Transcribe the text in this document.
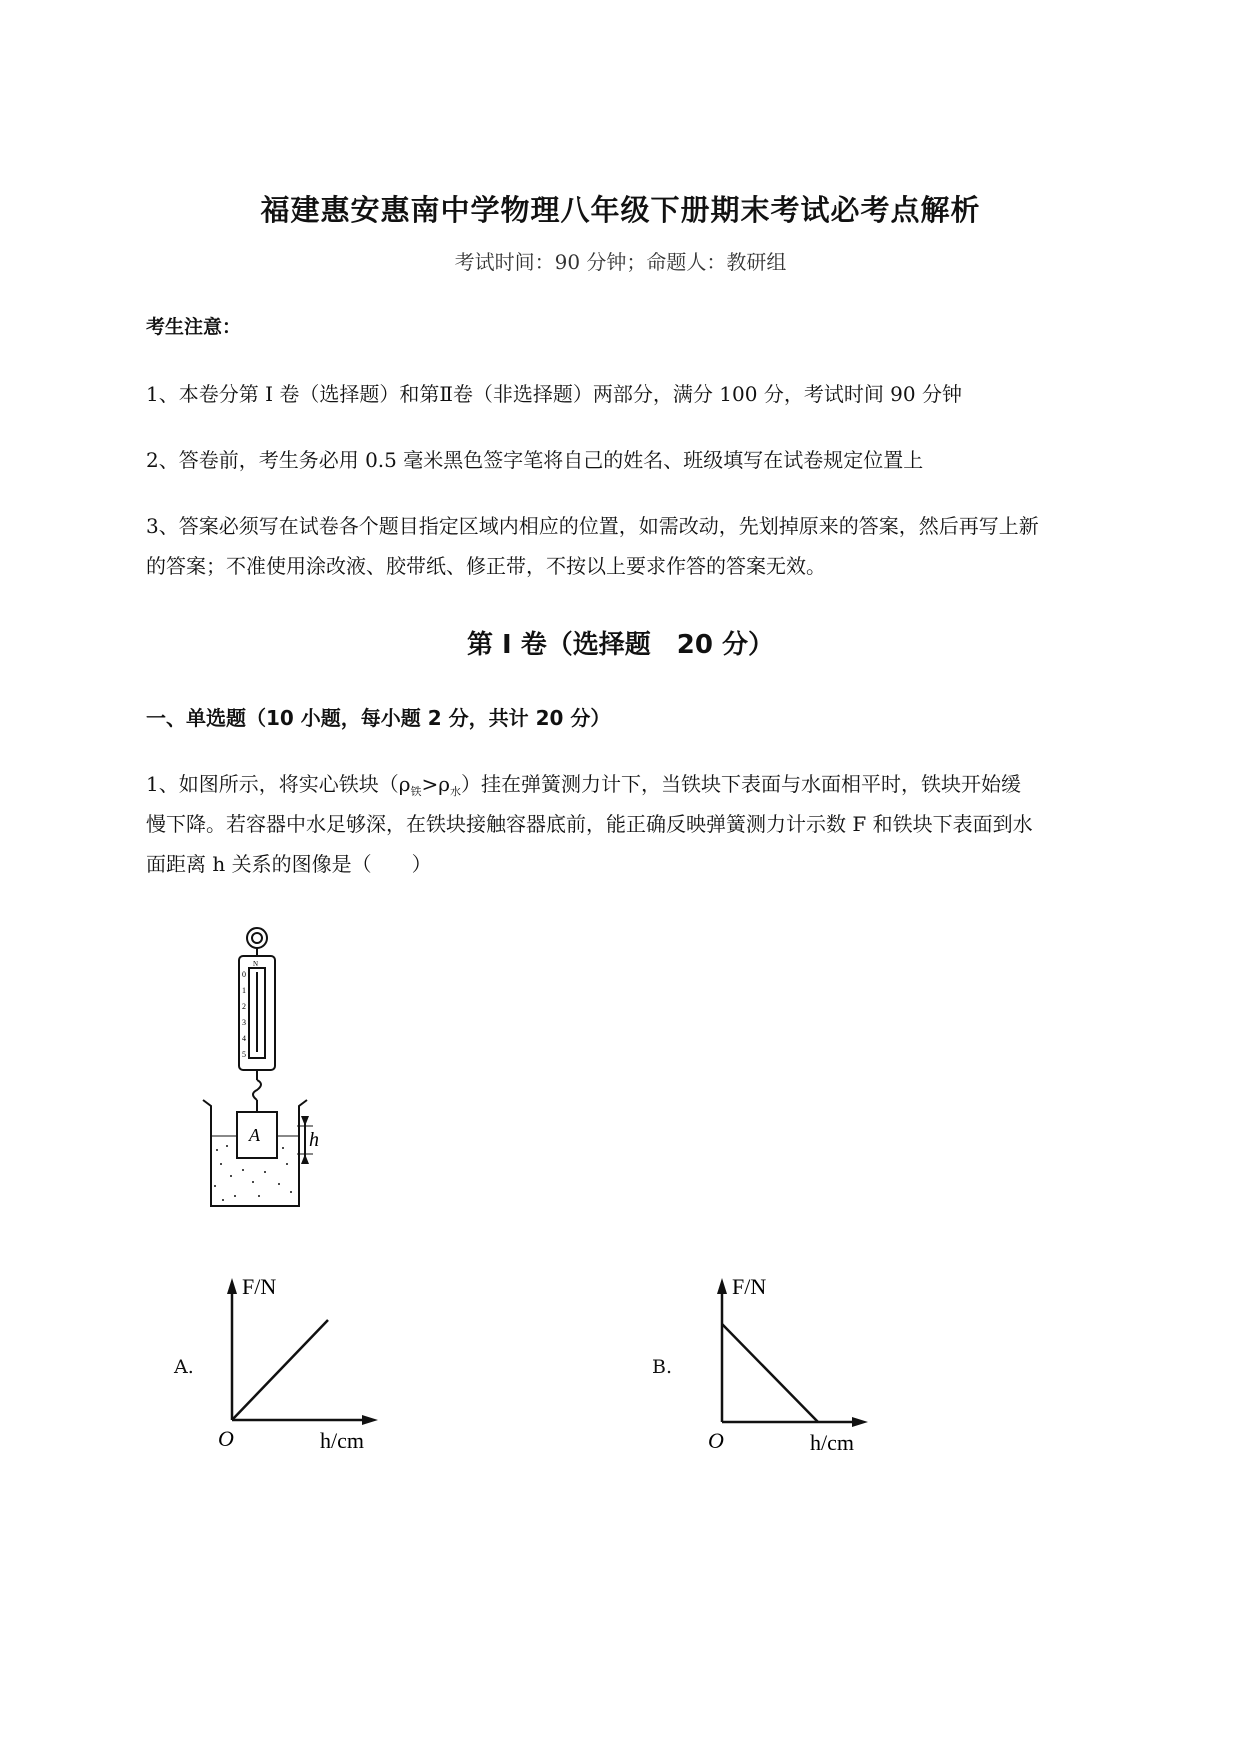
福建惠安惠南中学物理八年级下册期末考试必考点解析
考试时间：90 分钟；命题人：教研组
考生注意：
1、本卷分第 I 卷（选择题）和第Ⅱ卷（非选择题）两部分，满分 100 分，考试时间 90 分钟
2、答卷前，考生务必用 0.5 毫米黑色签字笔将自己的姓名、班级填写在试卷规定位置上
3、答案必须写在试卷各个题目指定区域内相应的位置，如需改动，先划掉原来的答案，然后再写上新
的答案；不准使用涂改液、胶带纸、修正带，不按以上要求作答的答案无效。
第 I 卷（选择题　20 分）
一、单选题（10 小题，每小题 2 分，共计 20 分）
1、如图所示，将实心铁块$(\rho_铁>\rho_水)$挂在弹簧测力计下，当铁块下表面与水面相平时，铁块开始缓
慢下降。若容器中水足够深，在铁块接触容器底前，能正确反映弹簧测力计示数 F 和铁块下表面到水
面距离 h 关系的图像是（　　）
A h
N
0
1
2
3
4
5
A.
F/N
h/cm
O
B.
F/N
h/cm
O
